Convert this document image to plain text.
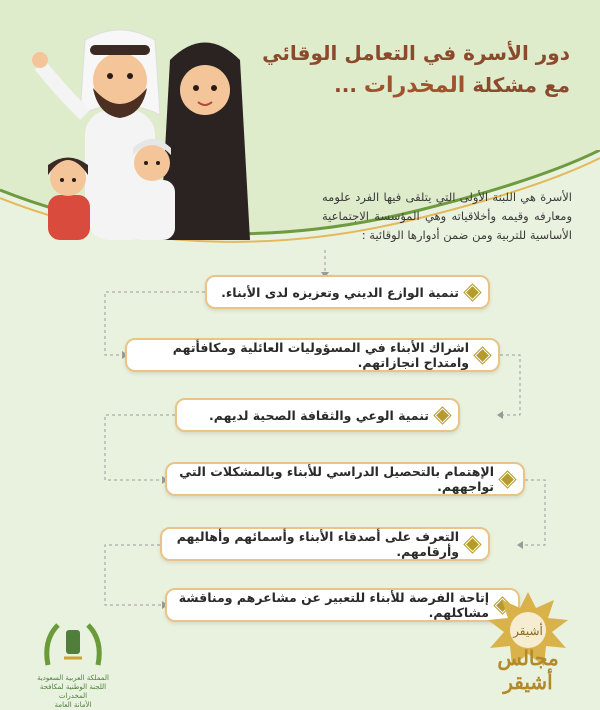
دور الأسرة في التعامل الوقائي
مع مشكلة المخدرات ...
الأسرة هي اللبنة الأولى التي يتلقى فيها الفرد علومه ومعارفه وقيمه وأخلاقياته وهي المؤسسة الاجتماعية الأساسية للتربية ومن ضمن أدوارها الوقائية :
تنمية الوازع الديني وتعزيزه لدى الأبناء.
اشراك الأبناء في المسؤوليات العائلية ومكافأتهم وامتداح انجازاتهم.
تنمية الوعي والثقافة الصحية لديهم.
الإهتمام بالتحصيل الدراسي للأبناء وبالمشكلات التي تواجههم.
التعرف على أصدقاء الأبناء وأسمائهم وأهاليهم وأرقامهم.
إتاحة الفرصة للأبناء للتعبير عن مشاعرهم ومناقشة مشاكلهم.
أشيقر
مجالس أشيقر
المملكة العربية السعودية
اللجنة الوطنية لمكافحة المخدرات
الأمانة العامة
